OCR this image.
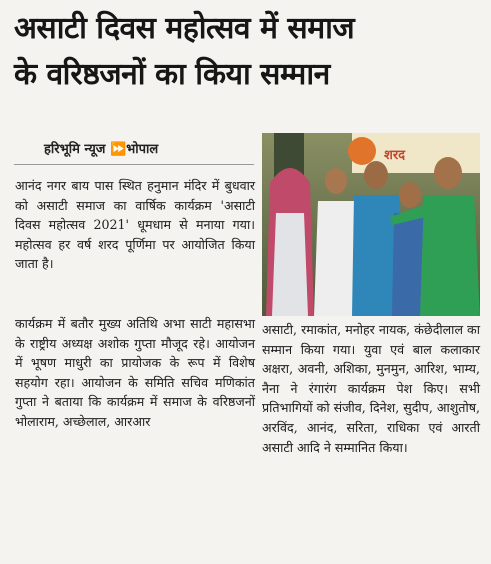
असाटी दिवस महोत्सव में समाज
के वरिष्ठजनों का किया सम्मान
हरिभूमि न्यूज ⏩भोपाल
आनंद नगर बाय पास स्थित हनुमान मंदिर में बुधवार को असाटी समाज का वार्षिक कार्यक्रम 'असाटी दिवस महोत्सव 2021' धूमधाम से मनाया गया। महोत्सव हर वर्ष शरद पूर्णिमा पर आयोजित किया जाता है।
कार्यक्रम में बतौर मुख्य अतिथि अभा साटी महासभा के राष्ट्रीय अध्यक्ष अशोक गुप्ता मौजूद रहे। आयोजन में भूषण माधुरी का प्रायोजक के रूप में विशेष सहयोग रहा। आयोजन के समिति सचिव मणिकांत गुप्ता ने बताया कि कार्यक्रम में समाज के वरिष्ठजनों भोलाराम, अच्छेलाल, आरआर
शरद
असाटी, रमाकांत, मनोहर नायक, कंछेदीलाल का सम्मान किया गया। युवा एवं बाल कलाकार अक्षरा, अवनी, अशिका, मुनमुन, आरिश, भाम्य, नैना ने रंगारंग कार्यक्रम पेश किए। सभी प्रतिभागियों को संजीव, दिनेश, सुदीप, आशुतोष, अरविंद, आनंद, सरिता, राधिका एवं आरती असाटी आदि ने सम्मानित किया।
